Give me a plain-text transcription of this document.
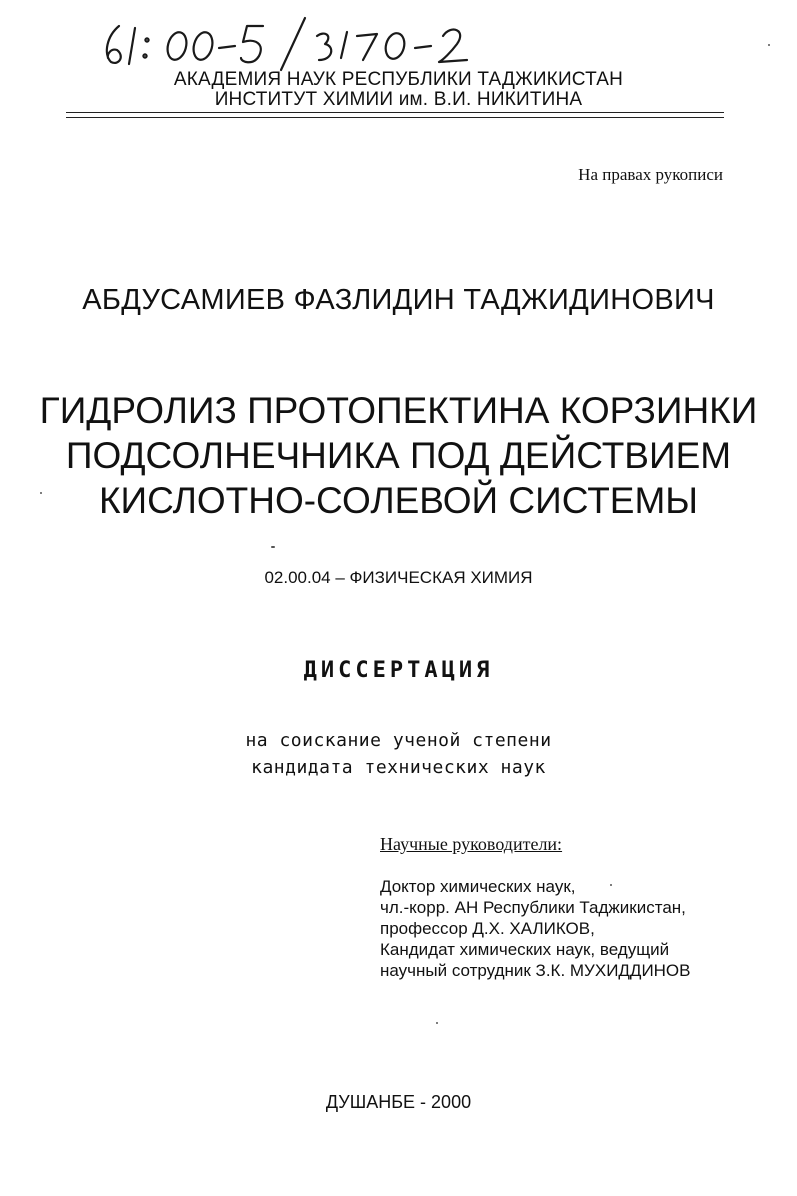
АКАДЕМИЯ НАУК РЕСПУБЛИКИ ТАДЖИКИСТАН
ИНСТИТУТ ХИМИИ им. В.И. НИКИТИНА
На правах рукописи
АБДУСАМИЕВ ФАЗЛИДИН ТАДЖИДИНОВИЧ
ГИДРОЛИЗ ПРОТОПЕКТИНА КОРЗИНКИ
ПОДСОЛНЕЧНИКА ПОД ДЕЙСТВИЕМ
КИСЛОТНО-СОЛЕВОЙ СИСТЕМЫ
02.00.04 – ФИЗИЧЕСКАЯ ХИМИЯ
ДИССЕРТАЦИЯ
на соискание ученой степени
кандидата технических наук
Научные руководители:
Доктор химических наук,
чл.-корр. АН Республики Таджикистан,
профессор Д.Х. ХАЛИКОВ,
Кандидат химических наук, ведущий
научный сотрудник З.К. МУХИДДИНОВ
ДУШАНБЕ - 2000
